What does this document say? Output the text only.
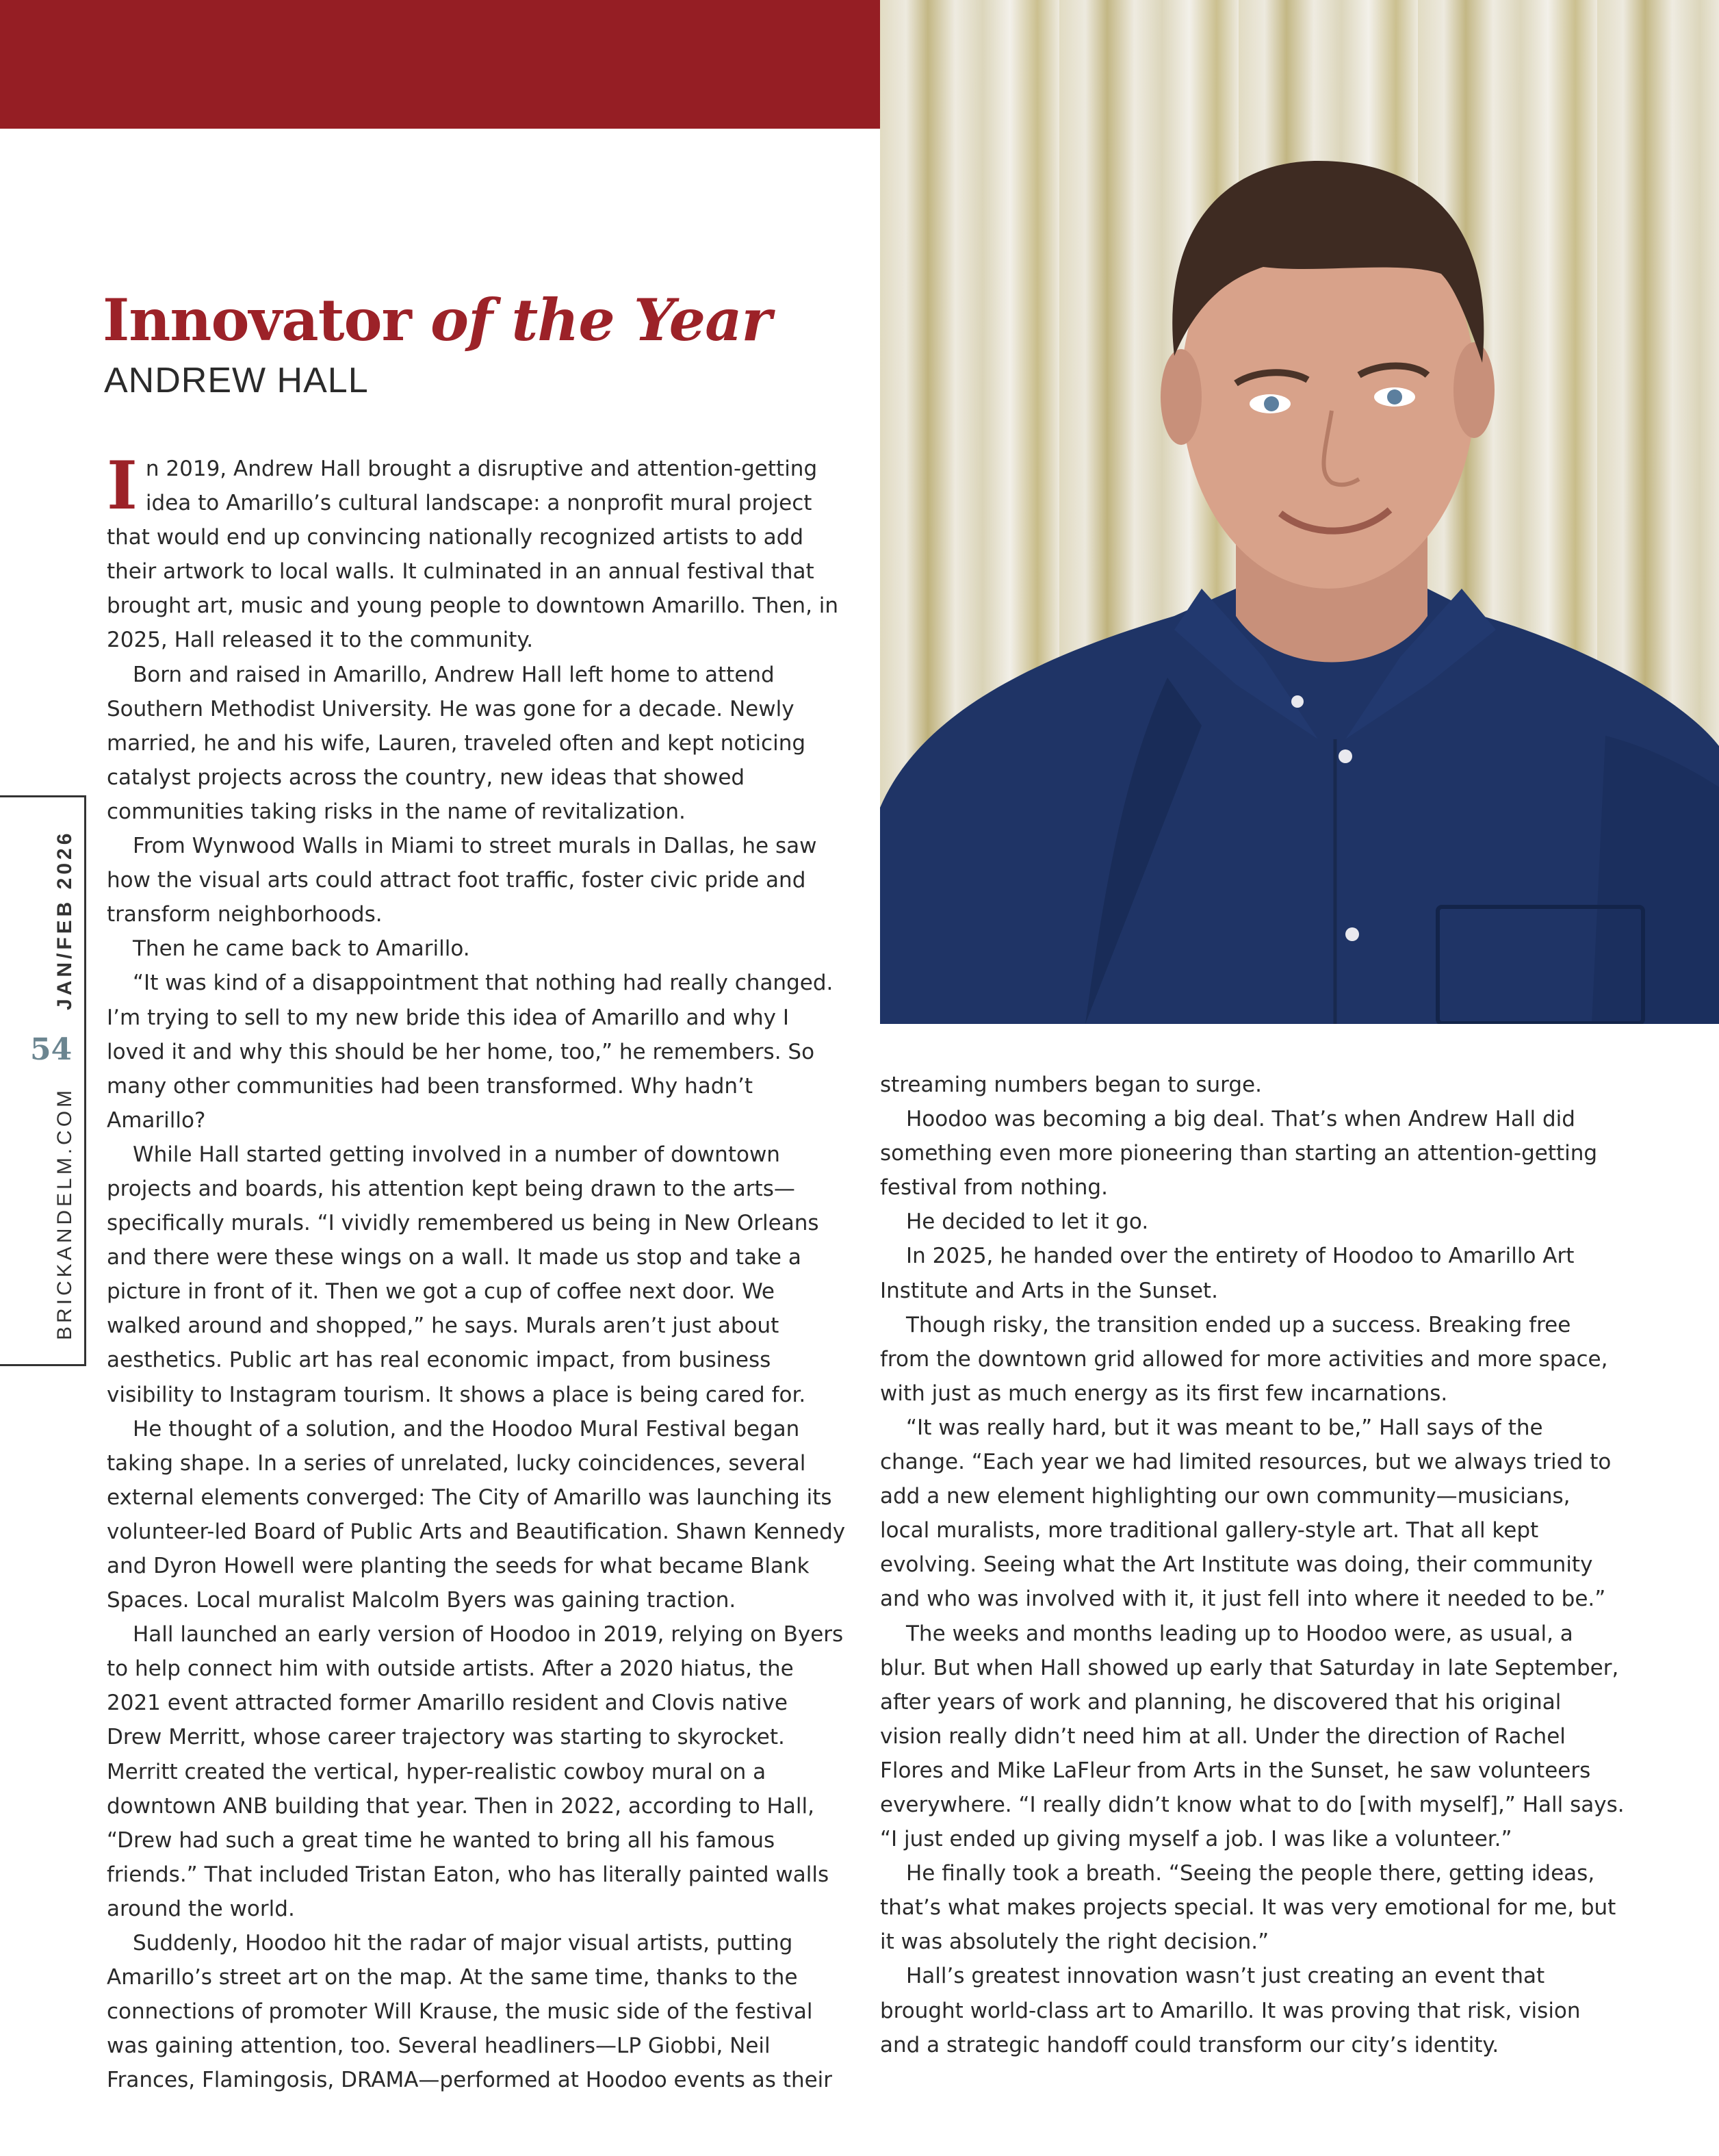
Innovator of the Year
ANDREW HALL
JAN/FEB 2026
54
BRICKANDELM.COM

In 2019, Andrew Hall brought a disruptive and attention-getting idea to Amarillo’s cultural landscape: a nonprofit mural project that would end up convincing nationally recognized artists to add their artwork to local walls. It culminated in an annual festival that brought art, music and young people to downtown Amarillo. Then, in 2025, Hall released it to the community.

Born and raised in Amarillo, Andrew Hall left home to attend Southern Methodist University. He was gone for a decade. Newly married, he and his wife, Lauren, traveled often and kept noticing catalyst projects across the country, new ideas that showed communities taking risks in the name of revitalization.

From Wynwood Walls in Miami to street murals in Dallas, he saw how the visual arts could attract foot traffic, foster civic pride and transform neighborhoods.

Then he came back to Amarillo.

“It was kind of a disappointment that nothing had really changed. I’m trying to sell to my new bride this idea of Amarillo and why I loved it and why this should be her home, too,” he remembers. So many other communities had been transformed. Why hadn’t Amarillo?

While Hall started getting involved in a number of downtown projects and boards, his attention kept being drawn to the arts—specifically murals. “I vividly remembered us being in New Orleans and there were these wings on a wall. It made us stop and take a picture in front of it. Then we got a cup of coffee next door. We walked around and shopped,” he says. Murals aren’t just about aesthetics. Public art has real economic impact, from business visibility to Instagram tourism. It shows a place is being cared for.

He thought of a solution, and the Hoodoo Mural Festival began taking shape. In a series of unrelated, lucky coincidences, several external elements converged: The City of Amarillo was launching its volunteer-led Board of Public Arts and Beautification. Shawn Kennedy and Dyron Howell were planting the seeds for what became Blank Spaces. Local muralist Malcolm Byers was gaining traction.

Hall launched an early version of Hoodoo in 2019, relying on Byers to help connect him with outside artists. After a 2020 hiatus, the 2021 event attracted former Amarillo resident and Clovis native Drew Merritt, whose career trajectory was starting to skyrocket. Merritt created the vertical, hyper-realistic cowboy mural on a downtown ANB building that year. Then in 2022, according to Hall, “Drew had such a great time he wanted to bring all his famous friends.” That included Tristan Eaton, who has literally painted walls around the world.

Suddenly, Hoodoo hit the radar of major visual artists, putting Amarillo’s street art on the map. At the same time, thanks to the connections of promoter Will Krause, the music side of the festival was gaining attention, too. Several headliners—LP Giobbi, Neil Frances, Flamingosis, DRAMA—performed at Hoodoo events as their

streaming numbers began to surge.

Hoodoo was becoming a big deal. That’s when Andrew Hall did something even more pioneering than starting an attention-getting festival from nothing.

He decided to let it go.

In 2025, he handed over the entirety of Hoodoo to Amarillo Art Institute and Arts in the Sunset.

Though risky, the transition ended up a success. Breaking free from the downtown grid allowed for more activities and more space, with just as much energy as its first few incarnations.

“It was really hard, but it was meant to be,” Hall says of the change. “Each year we had limited resources, but we always tried to add a new element highlighting our own community—musicians, local muralists, more traditional gallery-style art. That all kept evolving. Seeing what the Art Institute was doing, their community and who was involved with it, it just fell into where it needed to be.”

The weeks and months leading up to Hoodoo were, as usual, a blur. But when Hall showed up early that Saturday in late September, after years of work and planning, he discovered that his original vision really didn’t need him at all. Under the direction of Rachel Flores and Mike LaFleur from Arts in the Sunset, he saw volunteers everywhere. “I really didn’t know what to do [with myself],” Hall says. “I just ended up giving myself a job. I was like a volunteer.”

He finally took a breath. “Seeing the people there, getting ideas, that’s what makes projects special. It was very emotional for me, but it was absolutely the right decision.”

Hall’s greatest innovation wasn’t just creating an event that brought world-class art to Amarillo. It was proving that risk, vision and a strategic handoff could transform our city’s identity.
